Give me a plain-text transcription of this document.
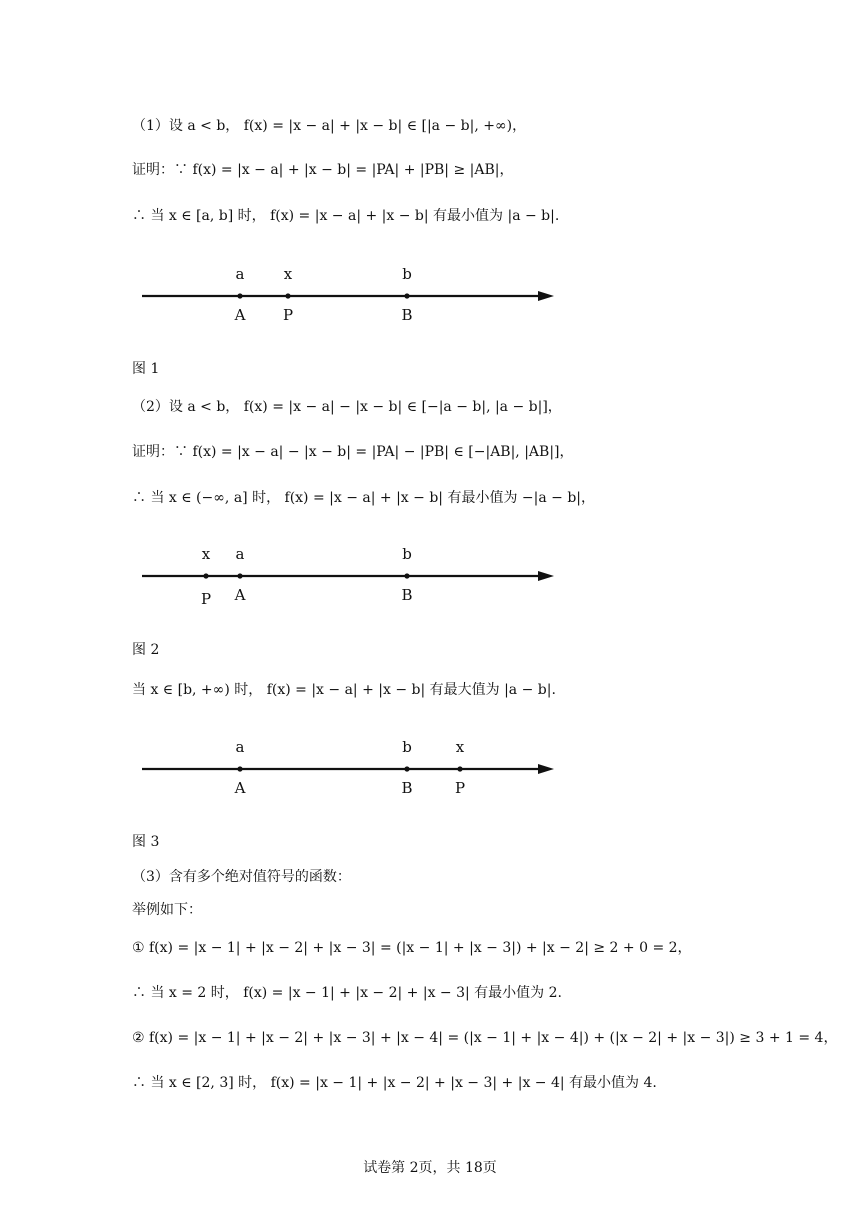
（1）设 a < b， f(x) = |x − a| + |x − b| ∈ [|a − b|, +∞)，
证明：∵ f(x) = |x − a| + |x − b| = |PA| + |PB| ≥ |AB|，
∴ 当 x ∈ [a, b] 时， f(x) = |x − a| + |x − b| 有最小值为 |a − b|.
a	x	b
A	P	B
图 1
（2）设 a < b， f(x) = |x − a| − |x − b| ∈ [−|a − b|, |a − b|]，
证明：∵ f(x) = |x − a| − |x − b| = |PA| − |PB| ∈ [−|AB|, |AB|]，
∴ 当 x ∈ (−∞, a] 时， f(x) = |x − a| + |x − b| 有最小值为 −|a − b|，
x a	b
P A	B
图 2
当 x ∈ [b, +∞) 时， f(x) = |x − a| + |x − b| 有最大值为 |a − b|.
a	b	x
A	B	P
图 3
（3）含有多个绝对值符号的函数：
举例如下：
① f(x) = |x − 1| + |x − 2| + |x − 3| = (|x − 1| + |x − 3|) + |x − 2| ≥ 2 + 0 = 2，
∴ 当 x = 2 时， f(x) = |x − 1| + |x − 2| + |x − 3| 有最小值为 2.
② f(x) = |x − 1| + |x − 2| + |x − 3| + |x − 4| = (|x − 1| + |x − 4|) + (|x − 2| + |x − 3|) ≥ 3 + 1 = 4，
∴ 当 x ∈ [2, 3] 时， f(x) = |x − 1| + |x − 2| + |x − 3| + |x − 4| 有最小值为 4.
试卷第 2页，共 18页
